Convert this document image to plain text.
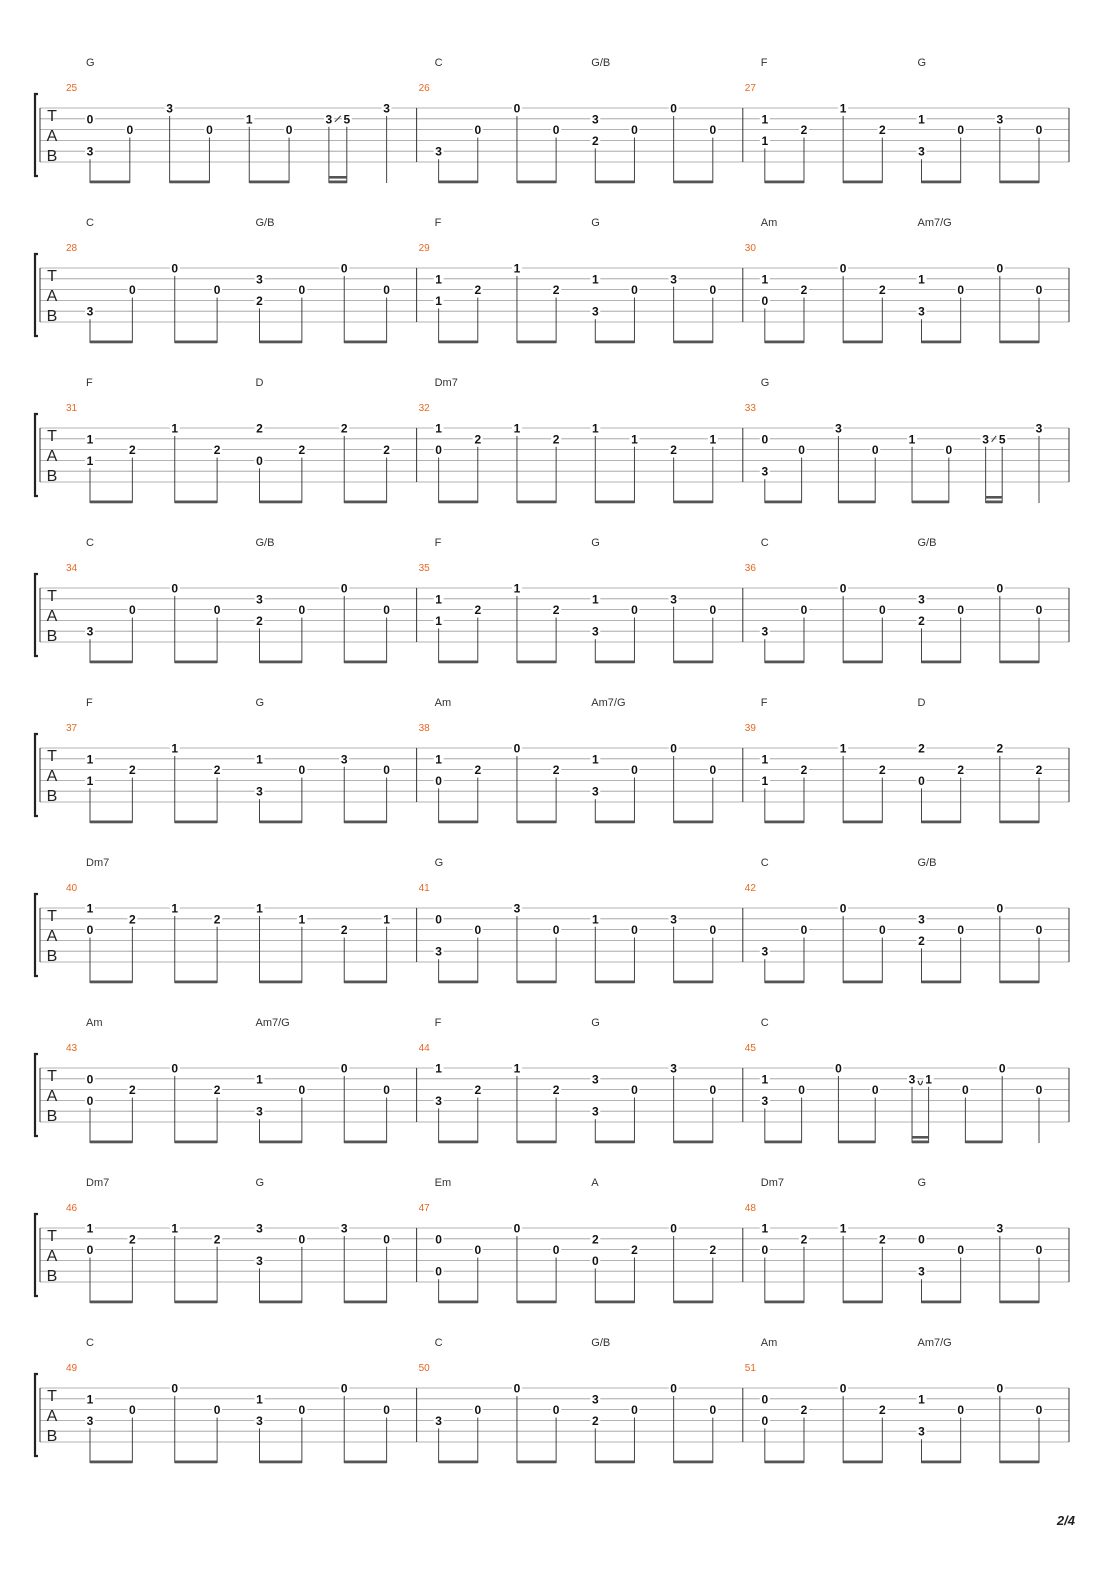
T
A
B
25
G
0
3
0
3
0
1
0
3 5
3
26
C	G/B
3
0
0
0
3
2
0
0
0
27
F	G
1
1
2
1
2
1
3
0
3
0
T
A
B
28
C	G/B
3
0
0
0
3
2
0
0
0
29
F	G
1
1
2
1
2
1
3
0
3
0
30
Am	Am7/G
1
0
2
0
2
1
3
0
0
0
T
A
B
31
F	D
1
1
2
1
2
2
0
2
2
2
32
Dm7
1
0
2
1
2
1
1
2
1
33
G
0
3
0
3
0
1
0
3 5
3
T
A
B
34
C	G/B
3
0
0
0
3
2
0
0
0
35
F	G
1
1
2
1
2
1
3
0
3
0
36
C	G/B
3
0
0
0
3
2
0
0
0
T
A
B
37
F	G
1
1
2
1
2
1
3
0
3
0
38
Am	Am7/G
1
0
2
0
2
1
3
0
0
0
39
F	D
1
1
2
1
2
2
0
2
2
2
T
A
B
40
Dm7
1
0
2
1
2
1
1
2
1
41
G
0
3
0
3
0
1
0
3
0
42
C	G/B
3
0
0
0
3
2
0
0
0
T
A
B
43
Am	Am7/G
0
0
2
0
2
1
3
0
0
0
44
F	G
1
3
2
1
2
3
3
0
3
0
45
C
1
3
0
0
0
3 1
0
0
0
T
A
B
46
Dm7	G
1
0
2
1
2
3
3
0
3
0
47
Em	A
0
0
0
0
0
2
0
2
0
2
48
Dm7	G
1
0
2
1
2	0
3
0
3
0
T
A
B
49
C
1
3
0
0
0
1
3
0
0
0
50
C	G/B
3
0
0
0
3
2
0
0
0
51
Am	Am7/G
0
0
2
0
2
1
3
0
0
0
2/4
